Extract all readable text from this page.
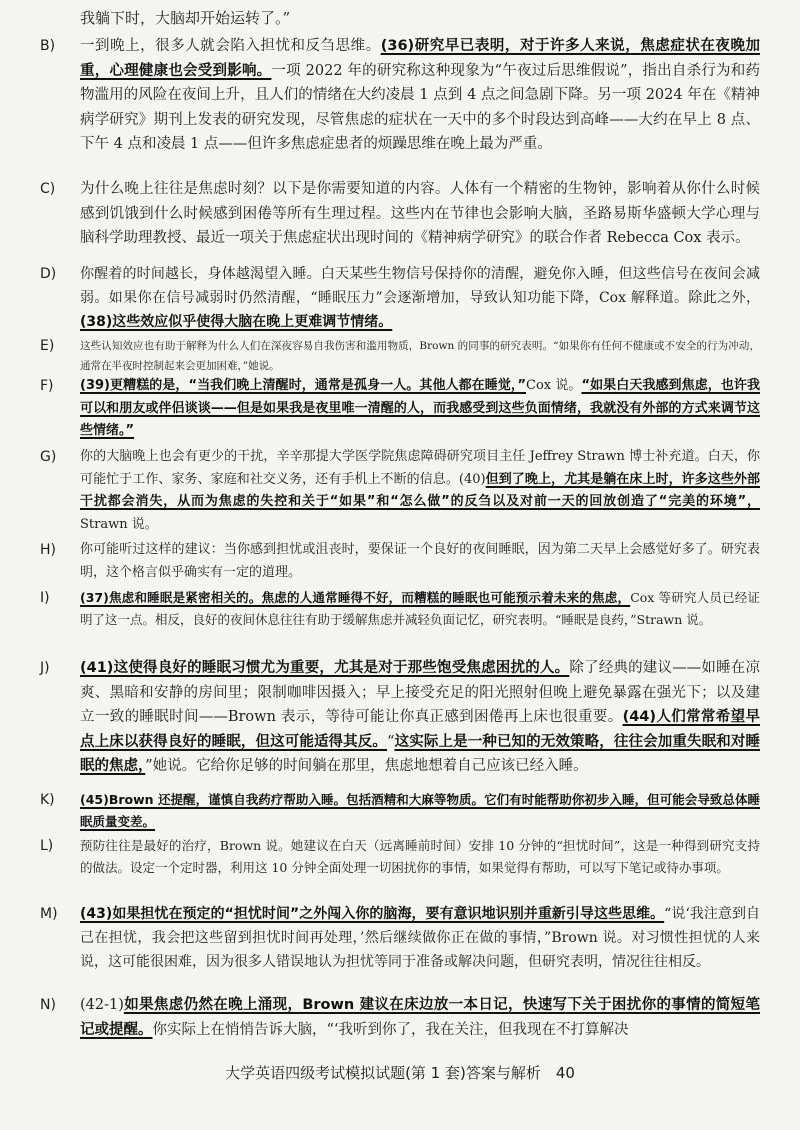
我躺下时，大脑却开始运转了。”
B) 一到晚上，很多人就会陷入担忧和反刍思维。(36)研究早已表明，对于许多人来说，焦虑症状在夜晚加重，心理健康也会受到影响。一项 2022 年的研究称这种现象为“午夜过后思维假说”，指出自杀行为和药物滥用的风险在夜间上升，且人们的情绪在大约凌晨 1 点到 4 点之间急剧下降。另一项 2024 年在《精神病学研究》期刊上发表的研究发现，尽管焦虑的症状在一天中的多个时段达到高峰——大约在早上 8 点、下午 4 点和凌晨 1 点——但许多焦虑症患者的烦躁思维在晚上最为严重。
C) 为什么晚上往往是焦虑时刻？以下是你需要知道的内容。人体有一个精密的生物钟，影响着从你什么时候感到饥饿到什么时候感到困倦等所有生理过程。这些内在节律也会影响大脑，圣路易斯华盛顿大学心理与脑科学助理教授、最近一项关于焦虑症状出现时间的《精神病学研究》的联合作者 Rebecca Cox 表示。
D) 你醒着的时间越长，身体越渴望入睡。白天某些生物信号保持你的清醒，避免你入睡，但这些信号在夜间会减弱。如果你在信号减弱时仍然清醒，“睡眠压力”会逐渐增加，导致认知功能下降，Cox 解释道。除此之外，(38)这些效应似乎使得大脑在晚上更难调节情绪。
E) 这些认知效应也有助于解释为什么人们在深夜容易自我伤害和滥用物质，Brown 的同事的研究表明。“如果你有任何不健康或不安全的行为冲动，通常在半夜时控制起来会更加困难，”她说。
F) (39)更糟糕的是，“当我们晚上清醒时，通常是孤身一人。其他人都在睡觉，”Cox 说。“如果白天我感到焦虑，也许我可以和朋友或伴侣谈谈——但是如果我是夜里唯一清醒的人，而我感受到这些负面情绪，我就没有外部的方式来调节这些情绪。”
G) 你的大脑晚上也会有更少的干扰，辛辛那提大学医学院焦虑障碍研究项目主任 Jeffrey Strawn 博士补充道。白天，你可能忙于工作、家务、家庭和社交义务，还有手机上不断的信息。(40)但到了晚上，尤其是躺在床上时，许多这些外部干扰都会消失，从而为焦虑的失控和关于“如果”和“怎么做”的反刍以及对前一天的回放创造了“完美的环境”，Strawn 说。
H) 你可能听过这样的建议：当你感到担忧或沮丧时，要保证一个良好的夜间睡眠，因为第二天早上会感觉好多了。研究表明，这个格言似乎确实有一定的道理。
I) (37)焦虑和睡眠是紧密相关的。焦虑的人通常睡得不好，而糟糕的睡眠也可能预示着未来的焦虑，Cox 等研究人员已经证明了这一点。相反，良好的夜间休息往往有助于缓解焦虑并减轻负面记忆，研究表明。“睡眠是良药，”Strawn 说。
J) (41)这使得良好的睡眠习惯尤为重要，尤其是对于那些饱受焦虑困扰的人。除了经典的建议——如睡在凉爽、黑暗和安静的房间里；限制咖啡因摄入；早上接受充足的阳光照射但晚上避免暴露在强光下；以及建立一致的睡眠时间——Brown 表示，等待可能让你真正感到困倦再上床也很重要。(44)人们常常希望早点上床以获得良好的睡眠，但这可能适得其反。“这实际上是一种已知的无效策略，往往会加重失眠和对睡眠的焦虑，”她说。它给你足够的时间躺在那里，焦虑地想着自己应该已经入睡。
K) (45)Brown 还提醒，谨慎自我药疗帮助入睡。包括酒精和大麻等物质。它们有时能帮助你初步入睡，但可能会导致总体睡眠质量变差。
L) 预防往往是最好的治疗，Brown 说。她建议在白天（远离睡前时间）安排 10 分钟的“担忧时间”，这是一种得到研究支持的做法。设定一个定时器，利用这 10 分钟全面处理一切困扰你的事情，如果觉得有帮助，可以写下笔记或待办事项。
M) (43)如果担忧在预定的“担忧时间”之外闯入你的脑海，要有意识地识别并重新引导这些思维。“说‘我注意到自己在担忧，我会把这些留到担忧时间再处理，’然后继续做你正在做的事情，”Brown 说。对习惯性担忧的人来说，这可能很困难，因为很多人错误地认为担忧等同于准备或解决问题，但研究表明，情况往往相反。
N) (42-1)如果焦虑仍然在晚上涌现，Brown 建议在床边放一本日记，快速写下关于困扰你的事情的简短笔记或提醒。你实际上在悄悄告诉大脑，“‘我听到你了，我在关注，但我现在不打算解决
大学英语四级考试模拟试题(第 1 套)答案与解析　40
